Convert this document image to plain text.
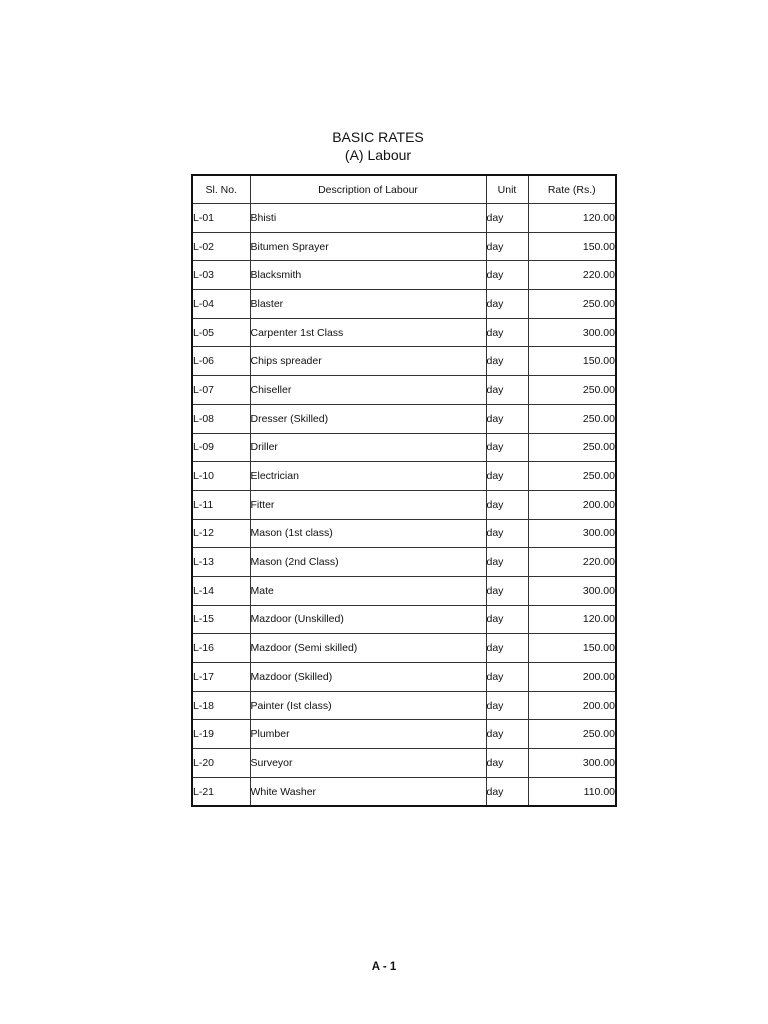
BASIC RATES
(A) Labour
Sl. No.	Description of Labour	Unit	Rate (Rs.)
L-01	Bhisti	day	120.00
L-02	Bitumen Sprayer	day	150.00
L-03	Blacksmith	day	220.00
L-04	Blaster	day	250.00
L-05	Carpenter 1st Class	day	300.00
L-06	Chips spreader	day	150.00
L-07	Chiseller	day	250.00
L-08	Dresser (Skilled)	day	250.00
L-09	Driller	day	250.00
L-10	Electrician	day	250.00
L-11	Fitter	day	200.00
L-12	Mason (1st class)	day	300.00
L-13	Mason (2nd Class)	day	220.00
L-14	Mate	day	300.00
L-15	Mazdoor (Unskilled)	day	120.00
L-16	Mazdoor (Semi skilled)	day	150.00
L-17	Mazdoor (Skilled)	day	200.00
L-18	Painter (Ist class)	day	200.00
L-19	Plumber	day	250.00
L-20	Surveyor	day	300.00
L-21	White Washer	day	110.00
A - 1
